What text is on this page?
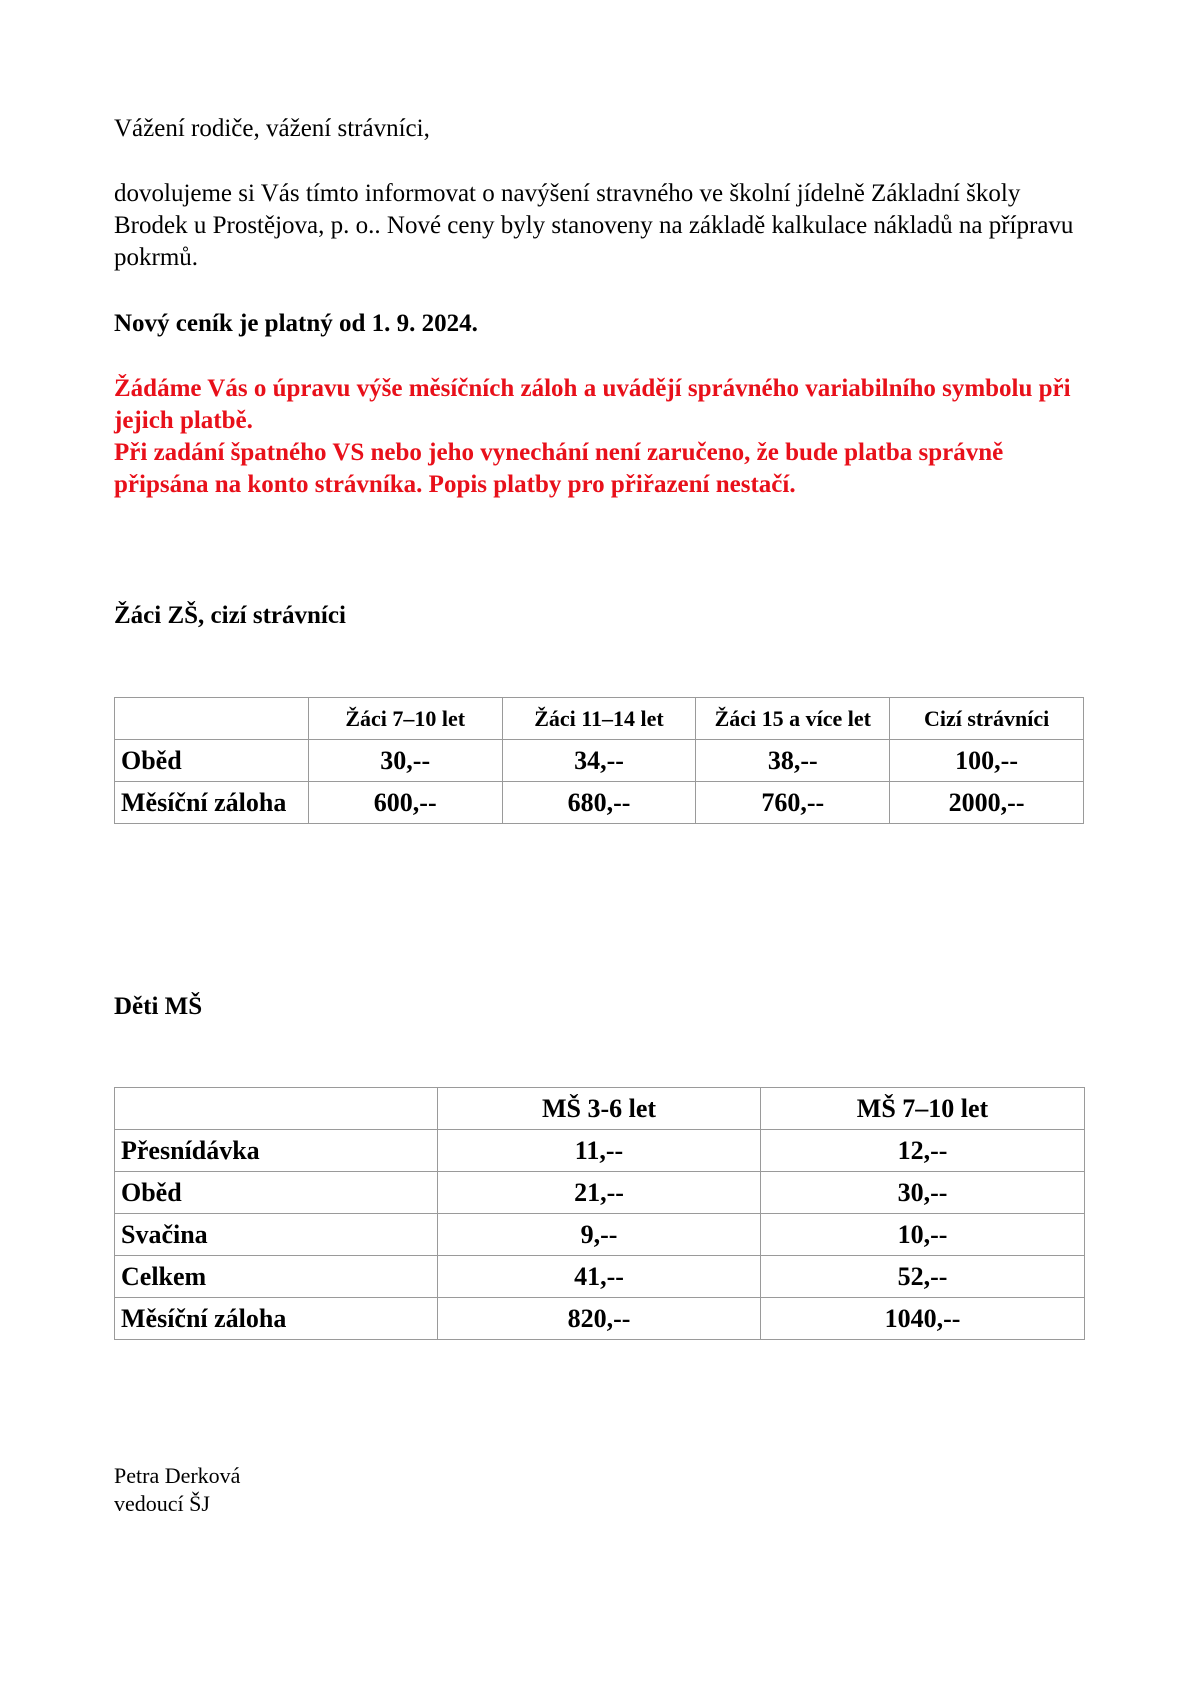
Vážení rodiče, vážení strávníci,
dovolujeme si Vás tímto informovat o navýšení stravného ve školní jídelně Základní školy Brodek u Prostějova, p. o.. Nové ceny byly stanoveny na základě kalkulace nákladů na přípravu pokrmů.
Nový ceník je platný od 1. 9. 2024.

Žádáme Vás o úpravu výše měsíčních záloh a uvádějí správného variabilního symbolu při jejich platbě.

Při zadání špatného VS nebo jeho vynechání není zaručeno, že bude platba správně připsána na konto strávníka. Popis platby pro přiřazení nestačí.

Žáci ZŠ, cizí strávníci
	Žáci 7–10 let	Žáci 11–14 let	Žáci 15 a více let	Cizí strávníci
Oběd	30,--	34,--	38,--	100,--
Měsíční záloha	600,--	680,--	760,--	2000,--
Děti MŠ
	MŠ 3-6 let	MŠ 7–10 let
Přesnídávka	11,--	12,--
Oběd	21,--	30,--
Svačina	9,--	10,--
Celkem	41,--	52,--
Měsíční záloha	820,--	1040,--
Petra Derková
vedoucí ŠJ
